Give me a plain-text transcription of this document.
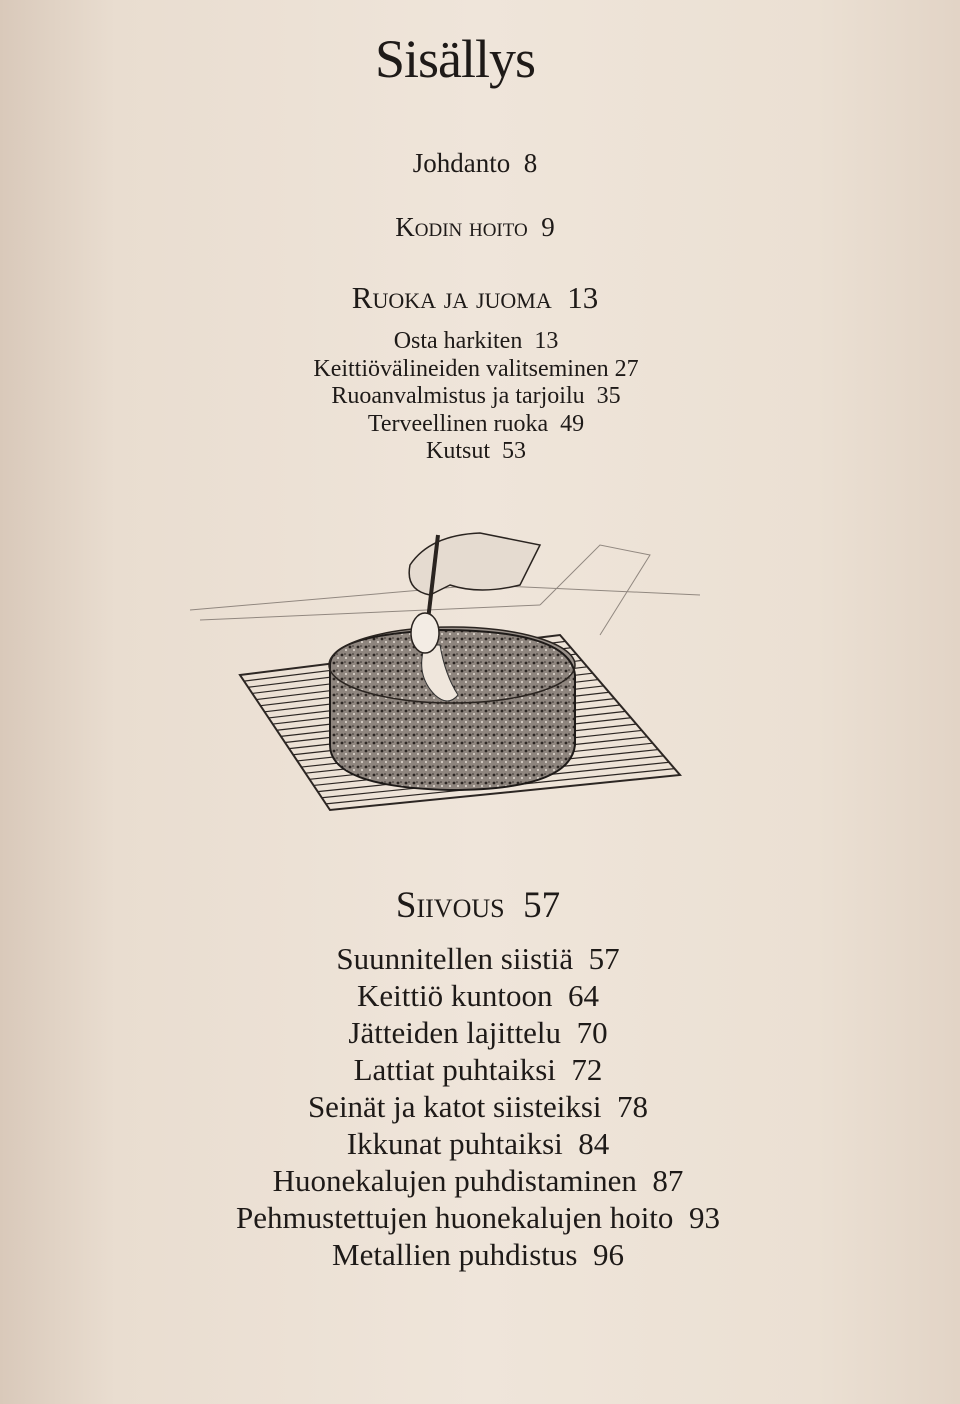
Sisällys
Johdanto 8
Kodin hoito 9
Ruoka ja juoma 13
Osta harkiten 13
Keittiövälineiden valitseminen 27
Ruoanvalmistus ja tarjoilu 35
Terveellinen ruoka 49
Kutsut 53
Siivous 57
Suunnitellen siistiä 57
Keittiö kuntoon 64
Jätteiden lajittelu 70
Lattiat puhtaiksi 72
Seinät ja katot siisteiksi 78
Ikkunat puhtaiksi 84
Huonekalujen puhdistaminen 87
Pehmustettujen huonekalujen hoito 93
Metallien puhdistus 96
